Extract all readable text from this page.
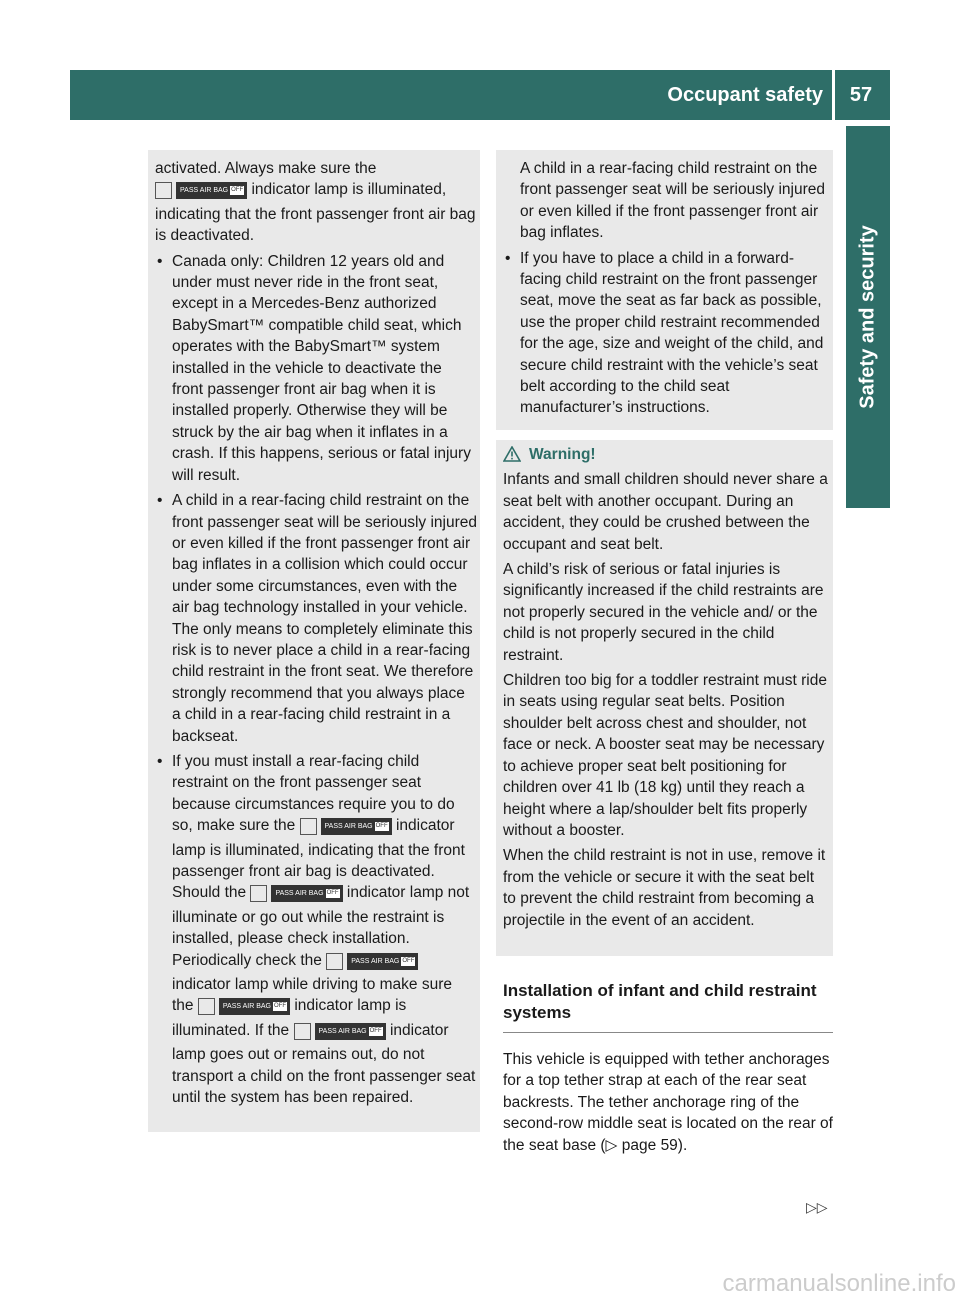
Occupant safety	57
Safety and security

activated. Always make sure the
PASS AIR BAG OFF indicator lamp is illuminated, indicating that the front passenger front air bag is deactivated.

• Canada only: Children 12 years old and under must never ride in the front seat, except in a Mercedes-Benz authorized BabySmart™ compatible child seat, which operates with the BabySmart™ system installed in the vehicle to deactivate the front passenger front air bag when it is installed properly. Otherwise they will be struck by the air bag when it inflates in a crash. If this happens, serious or fatal injury will result.
• A child in a rear-facing child restraint on the front passenger seat will be seriously injured or even killed if the front passenger front air bag inflates in a collision which could occur under some circumstances, even with the air bag technology installed in your vehicle. The only means to completely eliminate this risk is to never place a child in a rear-facing child restraint in the front seat. We therefore strongly recommend that you always place a child in a rear-facing child restraint in a backseat.
• If you must install a rear-facing child restraint on the front passenger seat because circumstances require you to do so, make sure the	PASS AIR BAG OFF indicator lamp is illuminated, indicating that the front passenger front air bag is deactivated. Should the	PASS AIR BAG OFF indicator lamp not illuminate or go out while the restraint is installed, please check installation. Periodically check the	PASS AIR BAG OFF indicator lamp while driving to make sure the	PASS AIR BAG OFF indicator lamp is illuminated. If the	PASS AIR BAG OFF indicator lamp goes out or remains out, do not transport a child on the front passenger seat until the system has been repaired.

A child in a rear-facing child restraint on the front passenger seat will be seriously injured or even killed if the front passenger front air bag inflates.

• If you have to place a child in a forward-facing child restraint on the front passenger seat, move the seat as far back as possible, use the proper child restraint recommended for the age, size and weight of the child, and secure child restraint with the vehicle’s seat belt according to the child seat manufacturer’s instructions.

Warning!

Infants and small children should never share a seat belt with another occupant. During an accident, they could be crushed between the occupant and seat belt.

A child’s risk of serious or fatal injuries is significantly increased if the child restraints are not properly secured in the vehicle and/ or the child is not properly secured in the child restraint.

Children too big for a toddler restraint must ride in seats using regular seat belts. Position shoulder belt across chest and shoulder, not face or neck. A booster seat may be necessary to achieve proper seat belt positioning for children over 41 lb (18 kg) until they reach a height where a lap/shoulder belt fits properly without a booster.

When the child restraint is not in use, remove it from the vehicle or secure it with the seat belt to prevent the child restraint from becoming a projectile in the event of an accident.

Installation of infant and child restraint systems

This vehicle is equipped with tether anchorages for a top tether strap at each of the rear seat backrests. The tether anchorage ring of the second-row middle seat is located on the rear of the seat base (▷ page 59).

▷▷
carmanualsonline.info
